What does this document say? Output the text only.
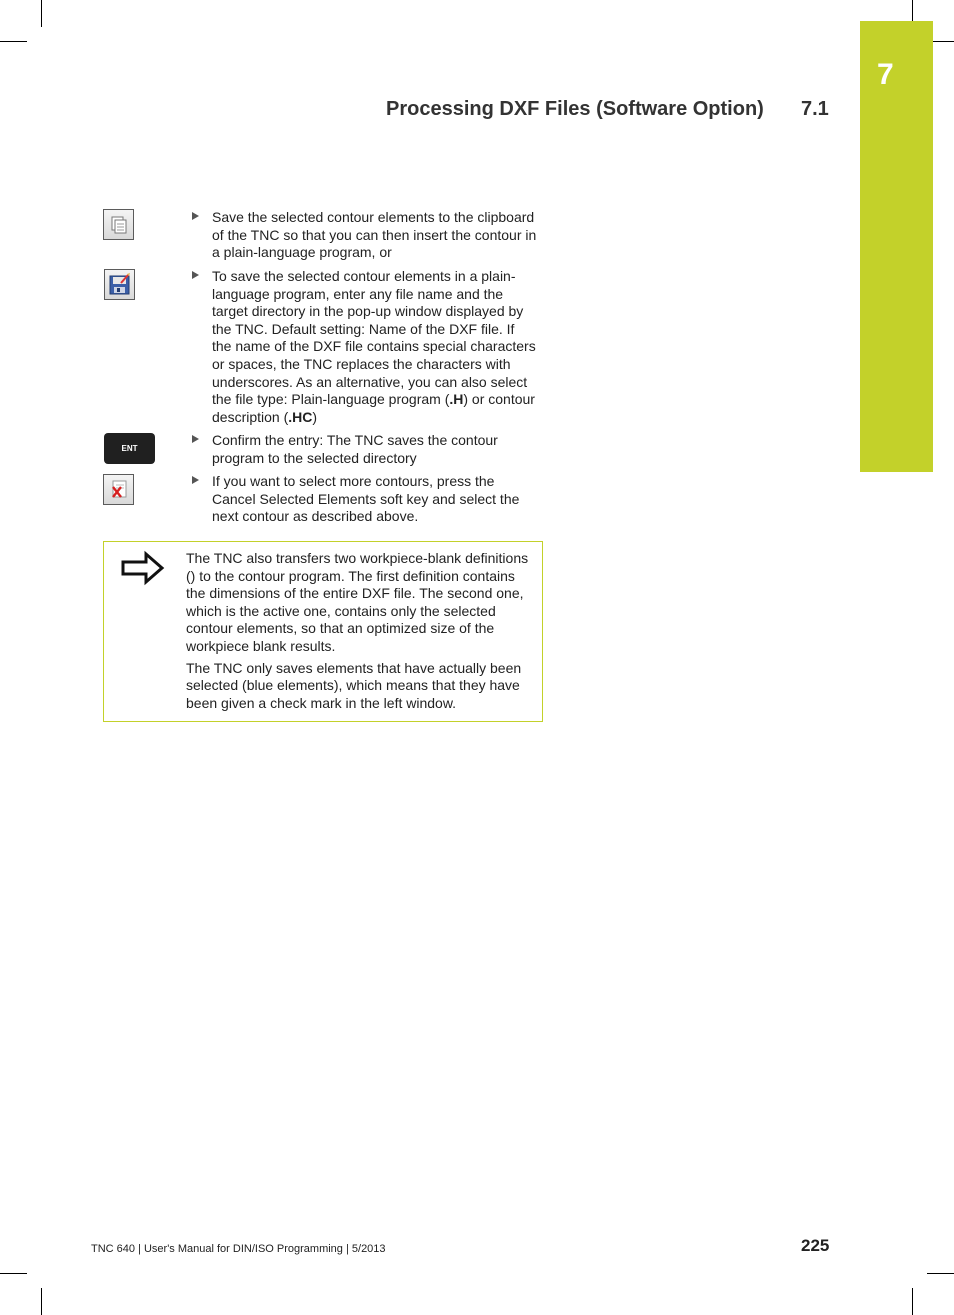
7
Processing DXF Files (Software Option) 7.1
ENT
Save the selected contour elements to the clipboard of the TNC so that you can then insert the contour in a plain-language program, or
To save the selected contour elements in a plain-language program, enter any file name and the target directory in the pop-up window displayed by the TNC. Default setting: Name of the DXF file. If the name of the DXF file contains special characters or spaces, the TNC replaces the characters with underscores. As an alternative, you can also select the file type: Plain-language program (.H) or contour description (.HC)
Confirm the entry: The TNC saves the contour program to the selected directory
If you want to select more contours, press the Cancel Selected Elements soft key and select the next contour as described above.

The TNC also transfers two workpiece-blank definitions () to the contour program. The first definition contains the dimensions of the entire DXF file. The second one, which is the active one, contains only the selected contour elements, so that an optimized size of the workpiece blank results.

The TNC only saves elements that have actually been selected (blue elements), which means that they have been given a check mark in the left window.

TNC 640 | User's Manual for DIN/ISO Programming | 5/2013	225
